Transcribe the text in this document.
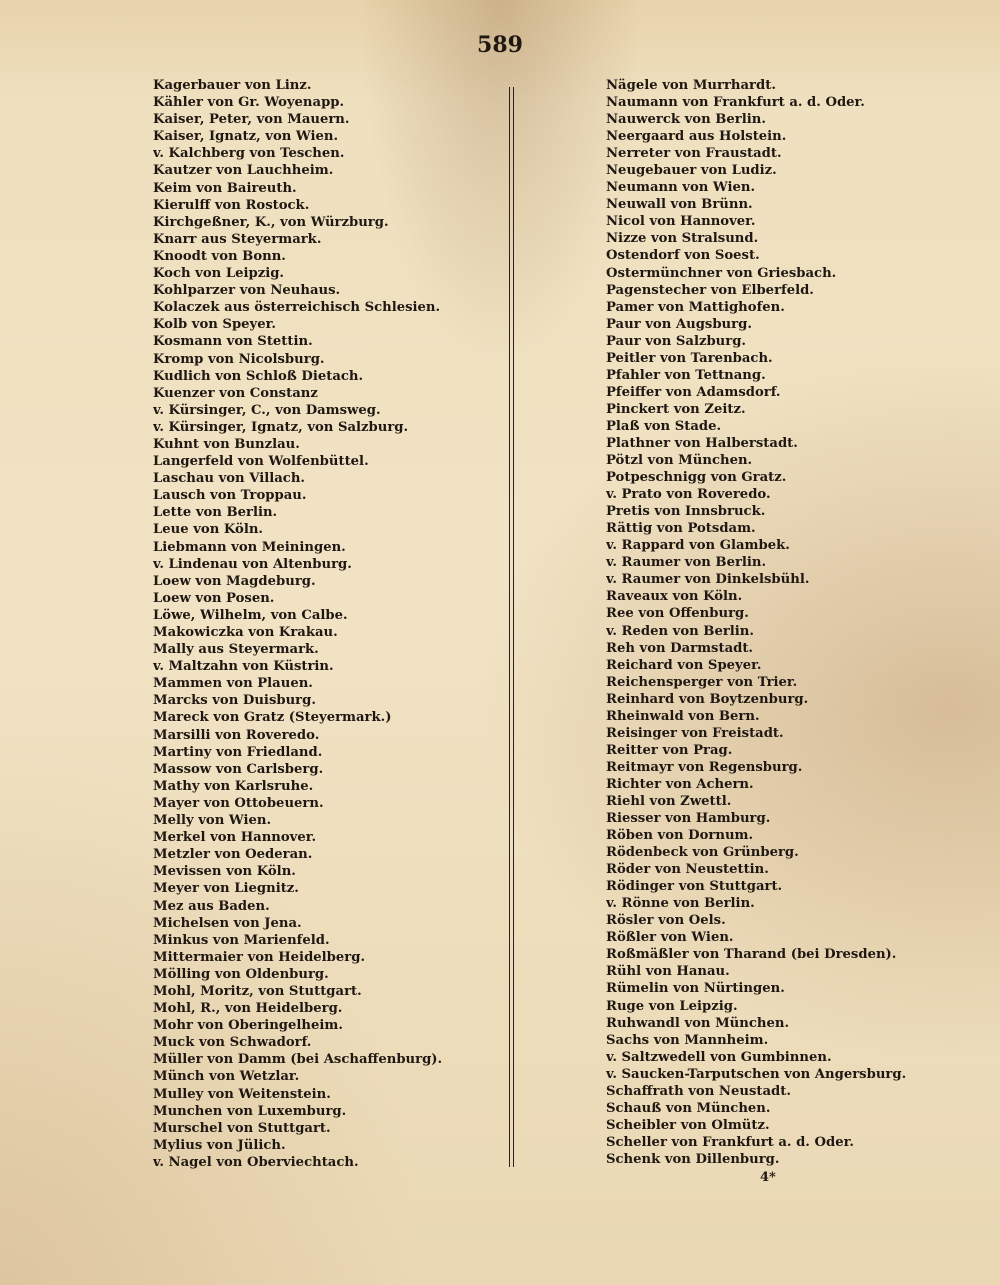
589
Kagerbauer von Linz.
Kähler von Gr. Woyenapp.
Kaiser, Peter, von Mauern.
Kaiser, Ignatz, von Wien.
v. Kalchberg von Teschen.
Kautzer von Lauchheim.
Keim von Baireuth.
Kierulff von Rostock.
Kirchgeßner, K., von Würzburg.
Knarr aus Steyermark.
Knoodt von Bonn.
Koch von Leipzig.
Kohlparzer von Neuhaus.
Kolaczek aus österreichisch Schlesien.
Kolb von Speyer.
Kosmann von Stettin.
Kromp von Nicolsburg.
Kudlich von Schloß Dietach.
Kuenzer von Constanz
v. Kürsinger, C., von Damsweg.
v. Kürsinger, Ignatz, von Salzburg.
Kuhnt von Bunzlau.
Langerfeld von Wolfenbüttel.
Laschau von Villach.
Lausch von Troppau.
Lette von Berlin.
Leue von Köln.
Liebmann von Meiningen.
v. Lindenau von Altenburg.
Loew von Magdeburg.
Loew von Posen.
Löwe, Wilhelm, von Calbe.
Makowiczka von Krakau.
Mally aus Steyermark.
v. Maltzahn von Küstrin.
Mammen von Plauen.
Marcks von Duisburg.
Mareck von Gratz (Steyermark.)
Marsilli von Roveredo.
Martiny von Friedland.
Massow von Carlsberg.
Mathy von Karlsruhe.
Mayer von Ottobeuern.
Melly von Wien.
Merkel von Hannover.
Metzler von Oederan.
Mevissen von Köln.
Meyer von Liegnitz.
Mez aus Baden.
Michelsen von Jena.
Minkus von Marienfeld.
Mittermaier von Heidelberg.
Mölling von Oldenburg.
Mohl, Moritz, von Stuttgart.
Mohl, R., von Heidelberg.
Mohr von Oberingelheim.
Muck von Schwadorf.
Müller von Damm (bei Aschaffenburg).
Münch von Wetzlar.
Mulley von Weitenstein.
Munchen von Luxemburg.
Murschel von Stuttgart.
Mylius von Jülich.
v. Nagel von Oberviechtach.
Nägele von Murrhardt.
Naumann von Frankfurt a. d. Oder.
Nauwerck von Berlin.
Neergaard aus Holstein.
Nerreter von Fraustadt.
Neugebauer von Ludiz.
Neumann von Wien.
Neuwall von Brünn.
Nicol von Hannover.
Nizze von Stralsund.
Ostendorf von Soest.
Ostermünchner von Griesbach.
Pagenstecher von Elberfeld.
Pamer von Mattighofen.
Paur von Augsburg.
Paur von Salzburg.
Peitler von Tarenbach.
Pfahler von Tettnang.
Pfeiffer von Adamsdorf.
Pinckert von Zeitz.
Plaß von Stade.
Plathner von Halberstadt.
Pötzl von München.
Potpeschnigg von Gratz.
v. Prato von Roveredo.
Pretis von Innsbruck.
Rättig von Potsdam.
v. Rappard von Glambek.
v. Raumer von Berlin.
v. Raumer von Dinkelsbühl.
Raveaux von Köln.
Ree von Offenburg.
v. Reden von Berlin.
Reh von Darmstadt.
Reichard von Speyer.
Reichensperger von Trier.
Reinhard von Boytzenburg.
Rheinwald von Bern.
Reisinger von Freistadt.
Reitter von Prag.
Reitmayr von Regensburg.
Richter von Achern.
Riehl von Zwettl.
Riesser von Hamburg.
Röben von Dornum.
Rödenbeck von Grünberg.
Röder von Neustettin.
Rödinger von Stuttgart.
v. Rönne von Berlin.
Rösler von Oels.
Rößler von Wien.
Roßmäßler von Tharand (bei Dresden).
Rühl von Hanau.
Rümelin von Nürtingen.
Ruge von Leipzig.
Ruhwandl von München.
Sachs von Mannheim.
v. Saltzwedell von Gumbinnen.
v. Saucken-Tarputschen von Angersburg.
Schaffrath von Neustadt.
Schauß von München.
Scheibler von Olmütz.
Scheller von Frankfurt a. d. Oder.
Schenk von Dillenburg.
4*
